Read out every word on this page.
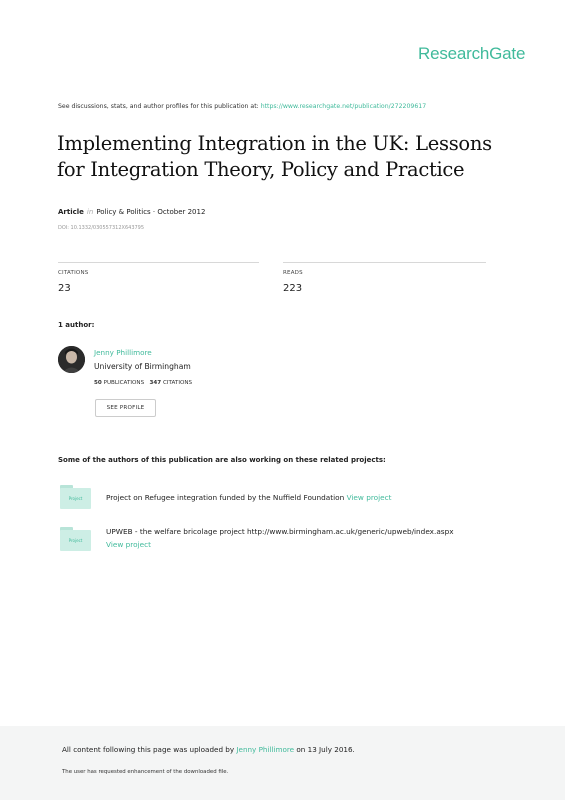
ResearchGate
See discussions, stats, and author profiles for this publication at: https://www.researchgate.net/publication/272209617
Implementing Integration in the UK: Lessons
for Integration Theory, Policy and Practice
Article in Policy & Politics · October 2012
DOI: 10.1332/030557312X643795
CITATIONS
23
READS
223
1 author:
Jenny Phillimore
University of Birmingham
50 PUBLICATIONS 347 CITATIONS
SEE PROFILE
Some of the authors of this publication are also working on these related projects:
Project	Project on Refugee integration funded by the Nuffield Foundation View project
Project
UPWEB - the welfare bricolage project http://www.birmingham.ac.uk/generic/upweb/index.aspx
View project
All content following this page was uploaded by Jenny Phillimore on 13 July 2016.
The user has requested enhancement of the downloaded file.
